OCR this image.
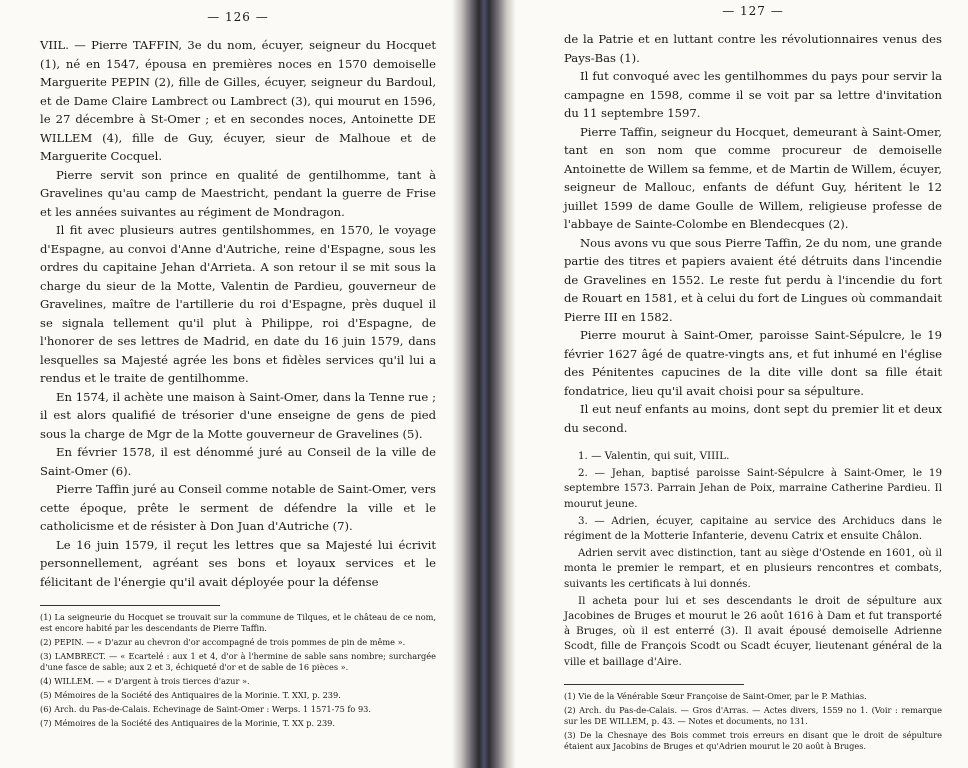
— 126 —

VIIL. — Pierre TAFFIN, 3e du nom, écuyer, seigneur du Hocquet (1), né en 1547, épousa en premières noces en 1570 demoiselle Marguerite PEPIN (2), fille de Gilles, écuyer, seigneur du Bardoul, et de Dame Claire Lambrect ou Lambrect (3), qui mourut en 1596, le 27 décembre à St-Omer ; et en secondes noces, Antoinette DE WILLEM (4), fille de Guy, écuyer, sieur de Malhoue et de Marguerite Cocquel.

Pierre servit son prince en qualité de gentilhomme, tant à Gravelines qu'au camp de Maestricht, pendant la guerre de Frise et les années suivantes au régiment de Mondragon.

Il fit avec plusieurs autres gentilshommes, en 1570, le voyage d'Espagne, au convoi d'Anne d'Autriche, reine d'Espagne, sous les ordres du capitaine Jehan d'Arrieta. A son retour il se mit sous la charge du sieur de la Motte, Valentin de Pardieu, gouverneur de Gravelines, maître de l'artillerie du roi d'Espagne, près duquel il se signala tellement qu'il plut à Philippe, roi d'Espagne, de l'honorer de ses lettres de Madrid, en date du 16 juin 1579, dans lesquelles sa Majesté agrée les bons et fidèles services qu'il lui a rendus et le traite de gentilhomme.

En 1574, il achète une maison à Saint-Omer, dans la Tenne rue ; il est alors qualifié de trésorier d'une enseigne de gens de pied sous la charge de Mgr de la Motte gouverneur de Gravelines (5).

En février 1578, il est dénommé juré au Conseil de la ville de Saint-Omer (6).

Pierre Taffin juré au Conseil comme notable de Saint-Omer, vers cette époque, prête le serment de défendre la ville et le catholicisme et de résister à Don Juan d'Autriche (7).

Le 16 juin 1579, il reçut les lettres que sa Majesté lui écrivit personnellement, agréant ses bons et loyaux services et le félicitant de l'énergie qu'il avait déployée pour la défense

(1) La seigneurie du Hocquet se trouvait sur la commune de Tilques, et le château de ce nom, est encore habité par les descendants de Pierre Taffin.

(2) PEPIN. — « D'azur au chevron d'or accompagné de trois pommes de pin de même ».

(3) LAMBRECT. — « Ecartelé : aux 1 et 4, d'or à l'hermine de sable sans nombre; surchargée d'une fasce de sable; aux 2 et 3, échiqueté d'or et de sable de 16 pièces ».

(4) WILLEM. — « D'argent à trois tierces d'azur ».

(5) Mémoires de la Société des Antiquaires de la Morinie. T. XXI, p. 239.

(6) Arch. du Pas-de-Calais. Echevinage de Saint-Omer : Werps. 1 1571-75 fo 93.

(7) Mémoires de la Société des Antiquaires de la Morinie, T. XX p. 239.

— 127 —

de la Patrie et en luttant contre les révolutionnaires venus des Pays-Bas (1).

Il fut convoqué avec les gentilhommes du pays pour servir la campagne en 1598, comme il se voit par sa lettre d'invitation du 11 septembre 1597.

Pierre Taffin, seigneur du Hocquet, demeurant à Saint-Omer, tant en son nom que comme procureur de demoiselle Antoinette de Willem sa femme, et de Martin de Willem, écuyer, seigneur de Mallouc, enfants de défunt Guy, héritent le 12 juillet 1599 de dame Goulle de Willem, religieuse professe de l'abbaye de Sainte-Colombe en Blendecques (2).

Nous avons vu que sous Pierre Taffin, 2e du nom, une grande partie des titres et papiers avaient été détruits dans l'incendie de Gravelines en 1552. Le reste fut perdu à l'incendie du fort de Rouart en 1581, et à celui du fort de Lingues où commandait Pierre III en 1582.

Pierre mourut à Saint-Omer, paroisse Saint-Sépulcre, le 19 février 1627 âgé de quatre-vingts ans, et fut inhumé en l'église des Pénitentes capucines de la dite ville dont sa fille était fondatrice, lieu qu'il avait choisi pour sa sépulture.

Il eut neuf enfants au moins, dont sept du premier lit et deux du second.

1. — Valentin, qui suit, VIIIL.

2. — Jehan, baptisé paroisse Saint-Sépulcre à Saint-Omer, le 19 septembre 1573. Parrain Jehan de Poix, marraine Catherine Pardieu. Il mourut jeune.

3. — Adrien, écuyer, capitaine au service des Archiducs dans le régiment de la Motterie Infanterie, devenu Catrix et ensuite Châlon.

Adrien servit avec distinction, tant au siège d'Ostende en 1601, où il monta le premier le rempart, et en plusieurs rencontres et combats, suivants les certificats à lui donnés.

Il acheta pour lui et ses descendants le droit de sépulture aux Jacobines de Bruges et mourut le 26 août 1616 à Dam et fut transporté à Bruges, où il est enterré (3). Il avait épousé demoiselle Adrienne Scodt, fille de François Scodt ou Scadt écuyer, lieutenant général de la ville et baillage d'Aire.

(1) Vie de la Vénérable Sœur Françoise de Saint-Omer, par le P. Mathias.

(2) Arch. du Pas-de-Calais. — Gros d'Arras. — Actes divers, 1559 no 1. (Voir : remarque sur les DE WILLEM, p. 43. — Notes et documents, no 131.

(3) De la Chesnaye des Bois commet trois erreurs en disant que le droit de sépulture étaient aux Jacobins de Bruges et qu'Adrien mourut le 20 août à Bruges.
